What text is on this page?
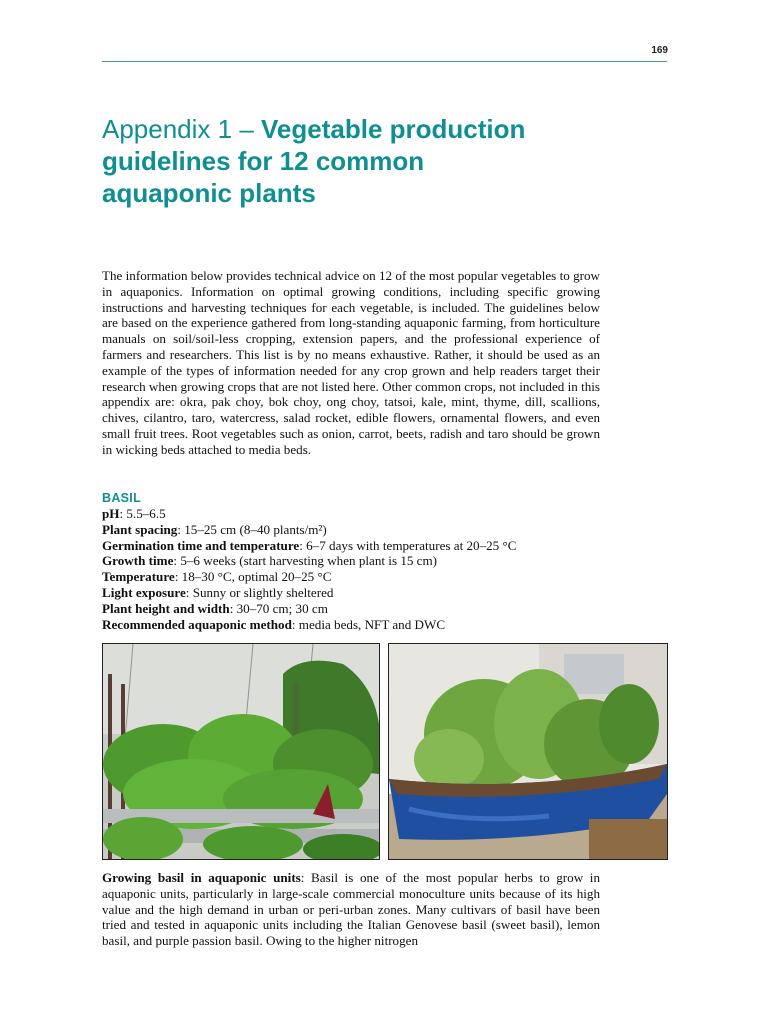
169
Appendix 1 – Vegetable production
guidelines for 12 common
aquaponic plants

The information below provides technical advice on 12 of the most popular vegetables to grow in aquaponics. Information on optimal growing conditions, including specific growing instructions and harvesting techniques for each vegetable, is included. The guidelines below are based on the experience gathered from long-standing aquaponic farming, from horticulture manuals on soil/soil-less cropping, extension papers, and the professional experience of farmers and researchers. This list is by no means exhaustive. Rather, it should be used as an example of the types of information needed for any crop grown and help readers target their research when growing crops that are not listed here. Other common crops, not included in this appendix are: okra, pak choy, bok choy, ong choy, tatsoi, kale, mint, thyme, dill, scallions, chives, cilantro, taro, watercress, salad rocket, edible flowers, ornamental flowers, and even small fruit trees. Root vegetables such as onion, carrot, beets, radish and taro should be grown in wicking beds attached to media beds.

BASIL
pH: 5.5–6.5
Plant spacing: 15–25 cm (8–40 plants/m²)
Germination time and temperature: 6–7 days with temperatures at 20–25 °C
Growth time: 5–6 weeks (start harvesting when plant is 15 cm)
Temperature: 18–30 °C, optimal 20–25 °C
Light exposure: Sunny or slightly sheltered
Plant height and width: 30–70 cm; 30 cm
Recommended aquaponic method: media beds, NFT and DWC

Growing basil in aquaponic units: Basil is one of the most popular herbs to grow in aquaponic units, particularly in large-scale commercial monoculture units because of its high value and the high demand in urban or peri-urban zones. Many cultivars of basil have been tried and tested in aquaponic units including the Italian Genovese basil (sweet basil), lemon basil, and purple passion basil. Owing to the higher nitrogen
